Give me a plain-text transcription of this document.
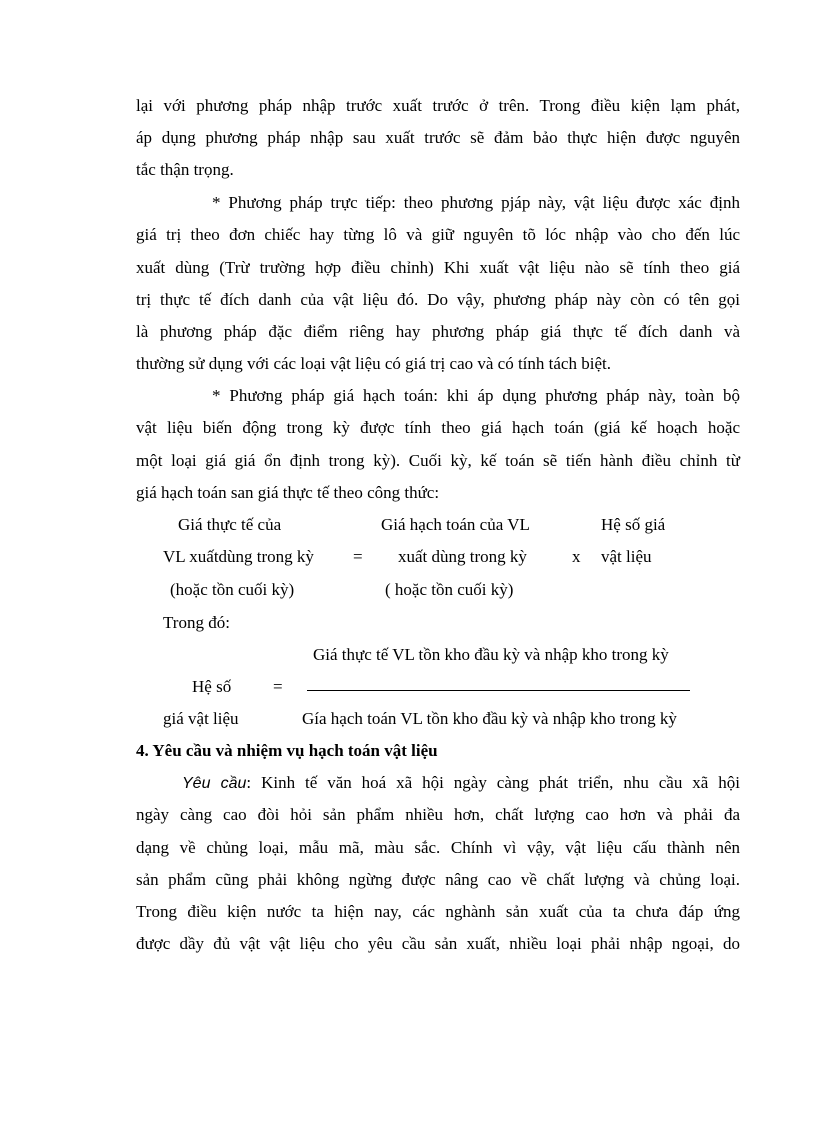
lại với phương pháp nhập trước xuất trước ở trên. Trong điều kiện lạm phát,
áp dụng phương pháp nhập sau xuất trước sẽ đảm bảo thực hiện được nguyên
tắc thận trọng.
* Phương pháp trực tiếp: theo phương pjáp này, vật liệu được xác định
giá trị theo đơn chiếc hay từng lô và giữ nguyên tõ lóc nhập vào cho đến lúc
xuất dùng (Trừ trường hợp điều chỉnh) Khi xuất vật liệu nào sẽ tính theo giá
trị thực tế đích danh của vật liệu đó. Do vậy, phương pháp này còn có tên gọi
là phương pháp đặc điểm riêng hay phương pháp giá thực tế đích danh và
thường sử dụng với các loại vật liệu có giá trị cao và có tính tách biệt.
* Phương pháp giá hạch toán: khi áp dụng phương pháp này, toàn bộ
vật liệu biến động trong kỳ được tính theo giá hạch toán (giá kế hoạch hoặc
một loại giá giá ổn định trong kỳ). Cuối kỳ, kế toán sẽ tiến hành điều chỉnh từ
giá hạch toán san giá thực tế theo công thức:
Giá thực tế của
VL xuấtdùng trong kỳ
(hoặc tồn cuối kỳ)
=
Giá hạch toán của VL
xuất dùng trong kỳ
( hoặc tồn cuối kỳ)
x
Hệ số giá
vật liệu
Trong đó:
Giá thực tế VL tồn kho đầu kỳ và nhập kho trong kỳ
Hệ số =
giá vật liệu	Gía hạch toán VL tồn kho đầu kỳ và nhập kho trong kỳ
4. Yêu cầu và nhiệm vụ hạch toán vật liệu
Yêu cầu: Kinh tế văn hoá xã hội ngày càng phát triển, nhu cầu xã hội
ngày càng cao đòi hỏi sản phẩm nhiều hơn, chất lượng cao hơn và phải đa
dạng về chủng loại, mẫu mã, màu sắc. Chính vì vậy, vật liệu cấu thành nên
sản phẩm cũng phải không ngừng được nâng cao về chất lượng và chủng loại.
Trong điều kiện nước ta hiện nay, các nghành sản xuất của ta chưa đáp ứng
được dầy đủ vật vật liệu cho yêu cầu sản xuất, nhiều loại phải nhập ngoại, do
